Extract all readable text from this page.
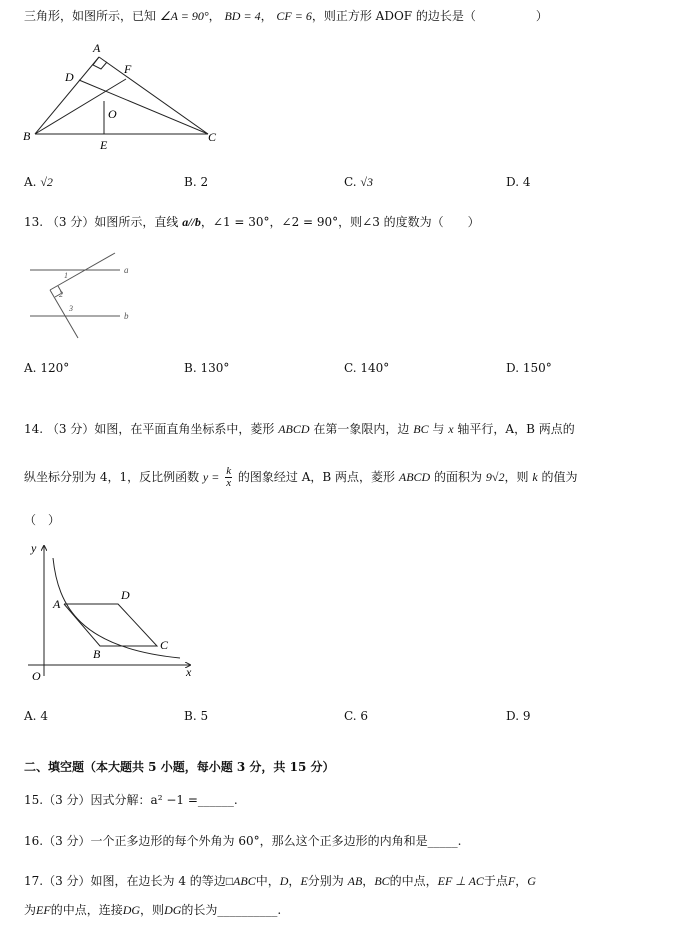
三角形，如图所示，已知 ∠A = 90°， BD = 4， CF = 6，则正方形 ADOF 的边长是（　　　　　）
A
D
F
O
B
E
C
A. √2	B. 2	C. √3	D. 4
13. （3 分）如图所示，直线 a//b，∠1 = 30°，∠2 = 90°，则∠3 的度数为（　　）
a
b
1
2
3
A. 120°	B. 130°	C. 140°	D. 150°
14. （3 分）如图，在平面直角坐标系中，菱形 ABCD 在第一象限内，边 BC 与 x 轴平行，A，B 两点的
纵坐标分别为 4，1，反比例函数 $y = \frac{k}{x}$ 的图象经过 A，B 两点，菱形 ABCD 的面积为 9√2，则 k 的值为
（　）
y
x
O
A
D
C
B
A. 4	B. 5	C. 6	D. 9
二、填空题（本大题共 5 小题，每小题 3 分，共 15 分）
15.（3 分）因式分解：a² −1 =______.
16.（3 分）一个正多边形的每个外角为 60°，那么这个正多边形的内角和是_____.
17.（3 分）如图，在边长为 4 的等边□ABC中，D，E分别为 AB，BC的中点，EF ⊥ AC于点F，G
为EF的中点，连接DG，则DG的长为__________.
